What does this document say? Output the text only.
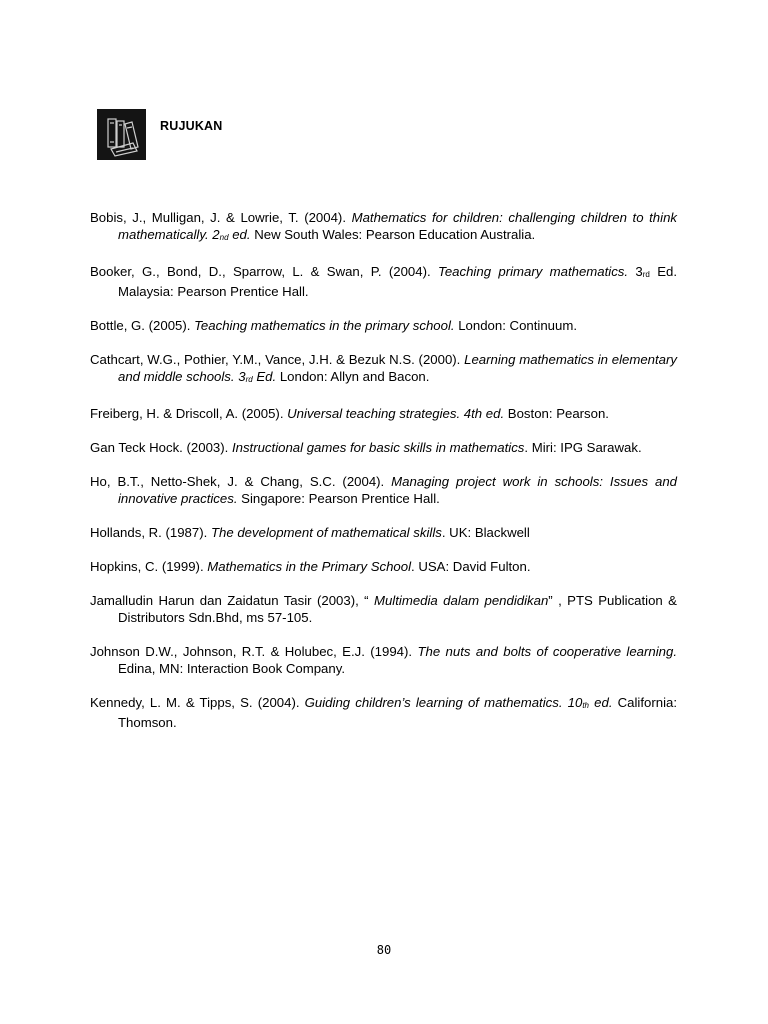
RUJUKAN
Bobis, J., Mulligan, J. & Lowrie, T. (2004). Mathematics for children: challenging children to think mathematically. $2_{nd}$ ed. New South Wales: Pearson Education Australia.
Booker, G., Bond, D., Sparrow, L. & Swan, P. (2004). Teaching primary mathematics. $3_{rd}$ Ed. Malaysia: Pearson Prentice Hall.
Bottle, G. (2005). Teaching mathematics in the primary school. London: Continuum.
Cathcart, W.G., Pothier, Y.M., Vance, J.H. & Bezuk N.S. (2000). Learning mathematics in elementary and middle schools. $3_{rd}$ Ed. London: Allyn and Bacon.
Freiberg, H. & Driscoll, A. (2005). Universal teaching strategies. 4th ed. Boston: Pearson.
Gan Teck Hock. (2003). Instructional games for basic skills in mathematics. Miri: IPG Sarawak.
Ho, B.T., Netto-Shek, J. & Chang, S.C. (2004). Managing project work in schools: Issues and innovative practices. Singapore: Pearson Prentice Hall.
Hollands, R. (1987). The development of mathematical skills. UK: Blackwell
Hopkins, C. (1999). Mathematics in the Primary School. USA: David Fulton.
Jamalludin Harun dan Zaidatun Tasir (2003), “ Multimedia dalam pendidikan” , PTS Publication & Distributors Sdn.Bhd, ms 57-105.
Johnson D.W., Johnson, R.T. & Holubec, E.J. (1994). The nuts and bolts of cooperative learning. Edina, MN: Interaction Book Company.
Kennedy, L. M. & Tipps, S. (2004). Guiding children’s learning of mathematics. $10_{th}$ ed. California: Thomson.
80
